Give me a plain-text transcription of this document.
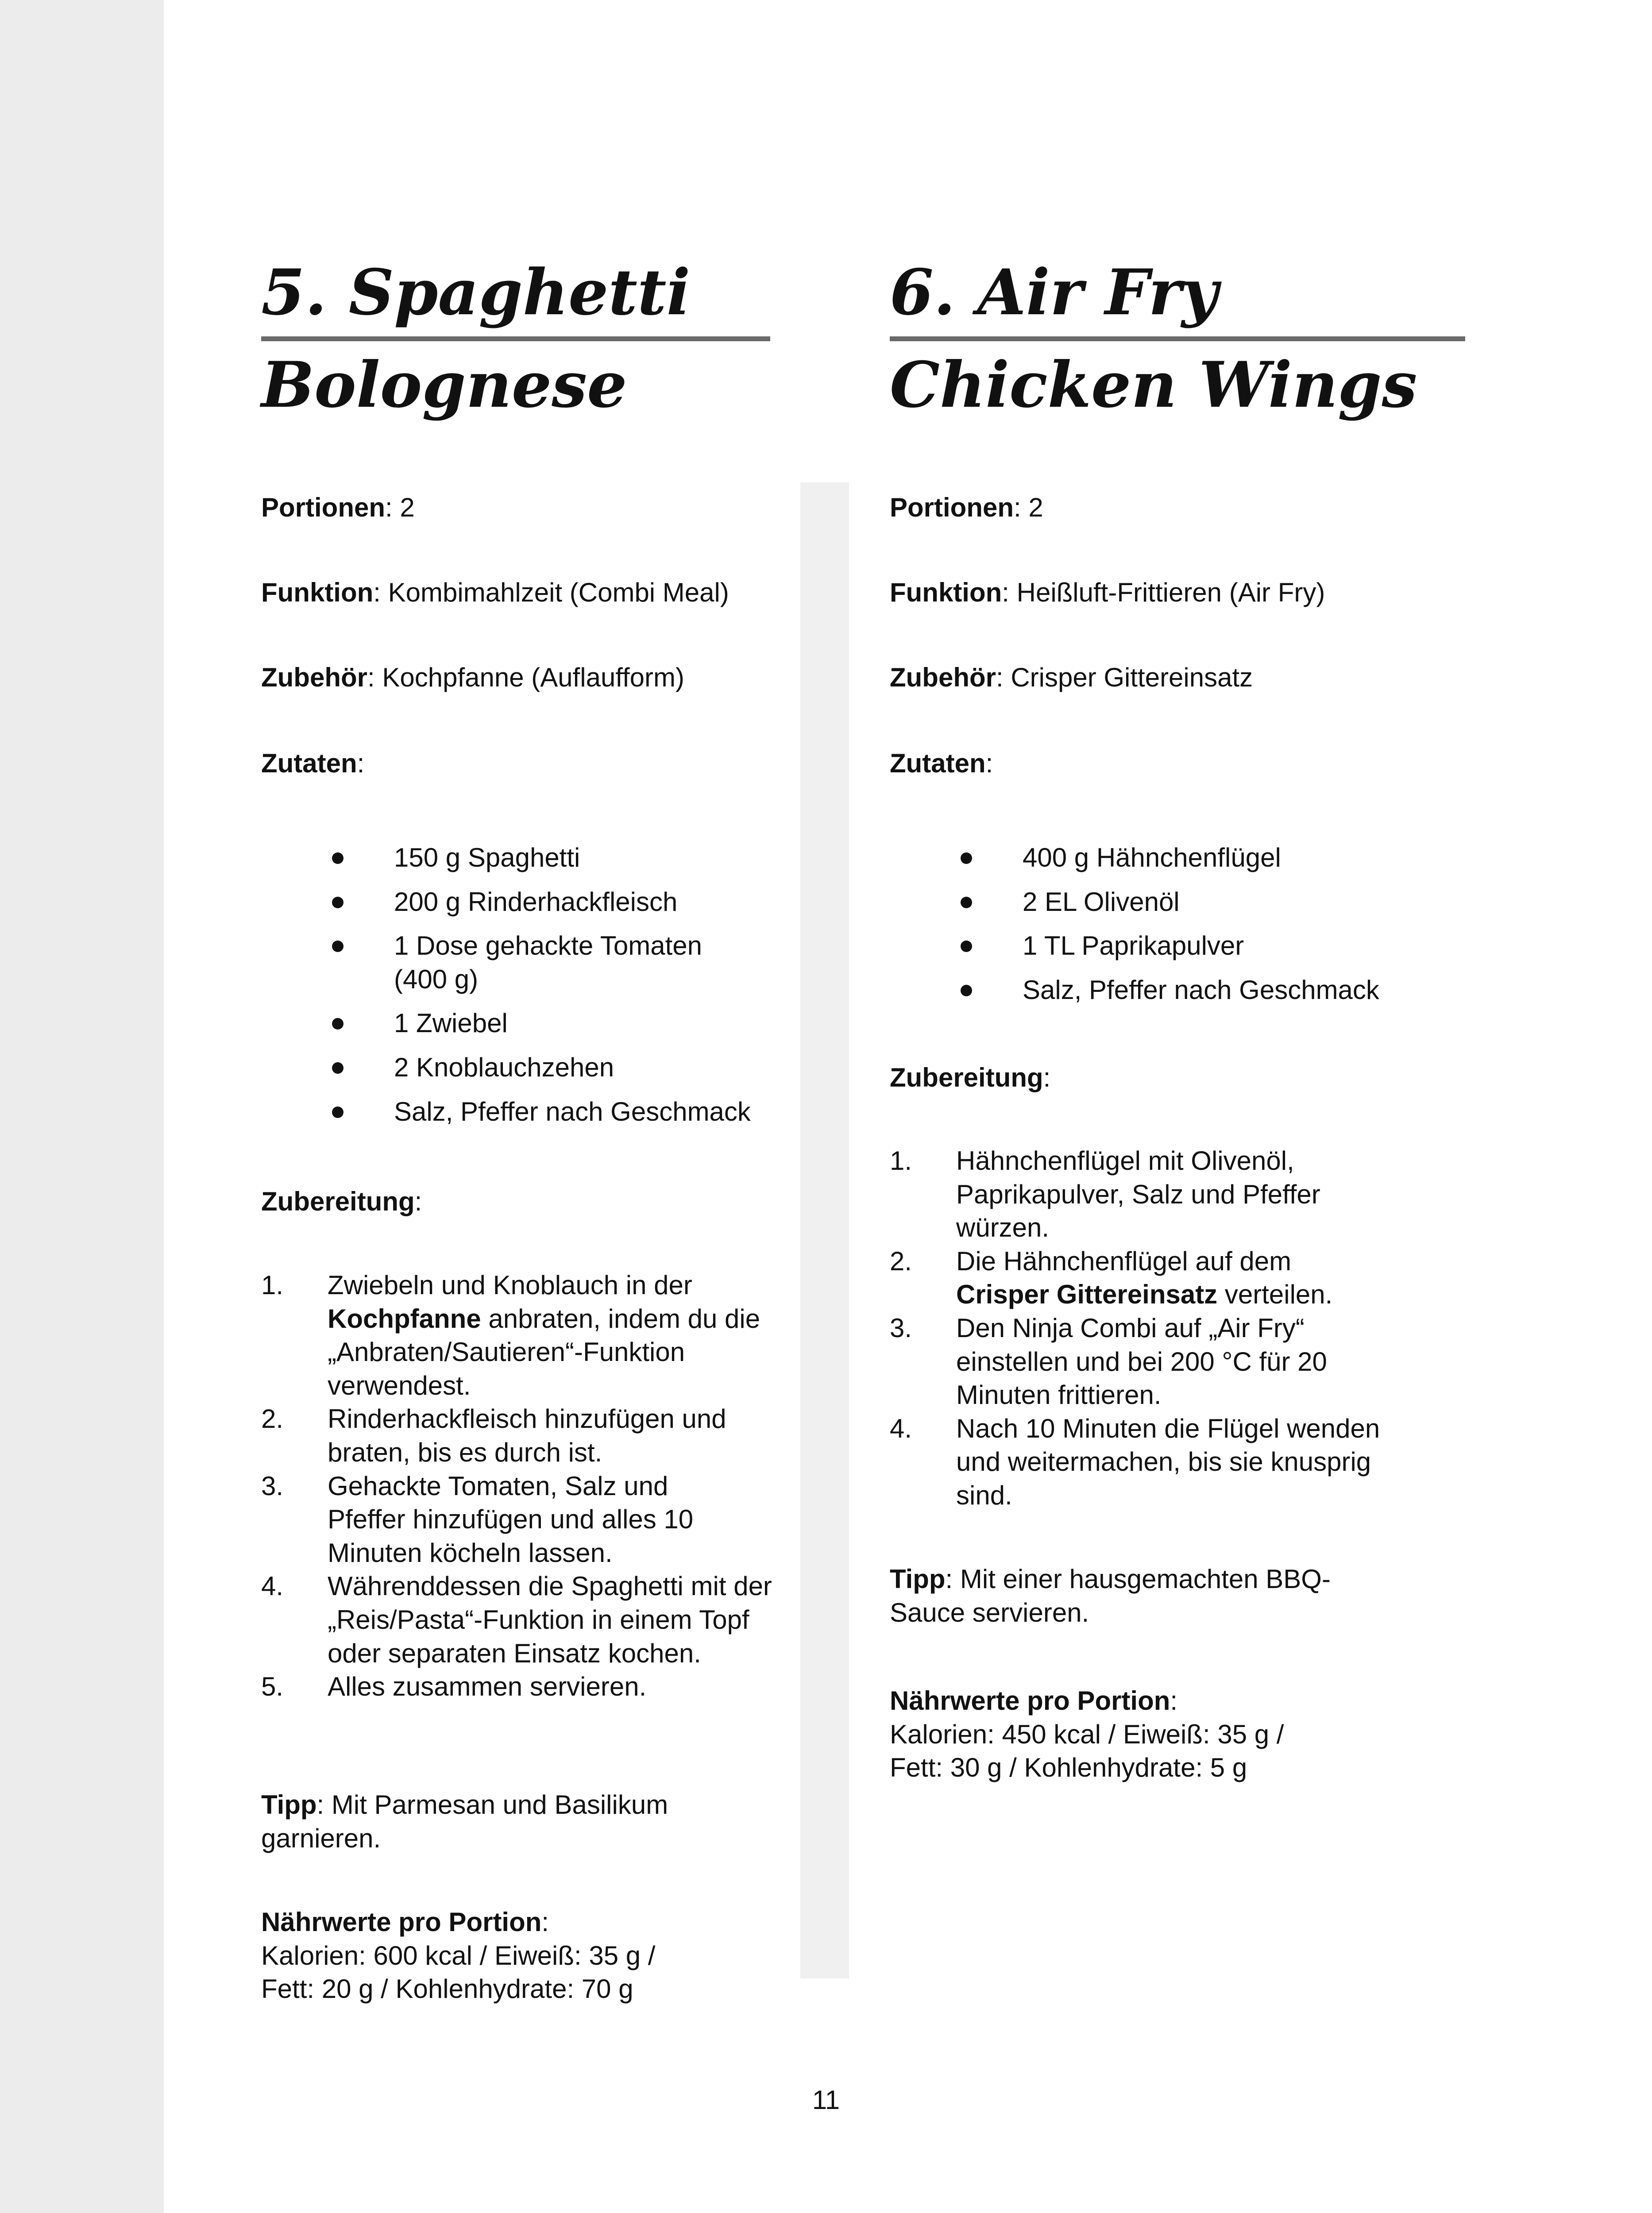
5. Spaghetti
Bolognese

Portionen: 2

Funktion: Kombimahlzeit (Combi Meal)

Zubehör: Kochpfanne (Auflaufform)

Zutaten:

150 g Spaghetti
200 g Rinderhackfleisch
1 Dose gehackte Tomaten (400 g)
1 Zwiebel
2 Knoblauchzehen
Salz, Pfeffer nach Geschmack

Zubereitung:

1. Zwiebeln und Knoblauch in der Kochpfanne anbraten, indem du die „Anbraten/Sautieren“-Funktion verwendest.
2. Rinderhackfleisch hinzufügen und braten, bis es durch ist.
3. Gehackte Tomaten, Salz und Pfeffer hinzufügen und alles 10 Minuten köcheln lassen.
4. Währenddessen die Spaghetti mit der „Reis/Pasta“-Funktion in einem Topf oder separaten Einsatz kochen.
5. Alles zusammen servieren.

Tipp: Mit Parmesan und Basilikum garnieren.

Nährwerte pro Portion:
Kalorien: 600 kcal / Eiweiß: 35 g /
Fett: 20 g / Kohlenhydrate: 70 g

6. Air Fry
Chicken Wings

Portionen: 2

Funktion: Heißluft-Frittieren (Air Fry)

Zubehör: Crisper Gittereinsatz

Zutaten:

400 g Hähnchenflügel
2 EL Olivenöl
1 TL Paprikapulver
Salz, Pfeffer nach Geschmack

Zubereitung:

1. Hähnchenflügel mit Olivenöl, Paprikapulver, Salz und Pfeffer würzen.
2. Die Hähnchenflügel auf dem Crisper Gittereinsatz verteilen.
3. Den Ninja Combi auf „Air Fry“ einstellen und bei 200 °C für 20 Minuten frittieren.
4. Nach 10 Minuten die Flügel wenden und weitermachen, bis sie knusprig sind.

Tipp: Mit einer hausgemachten BBQ-Sauce servieren.

Nährwerte pro Portion:
Kalorien: 450 kcal / Eiweiß: 35 g /
Fett: 30 g / Kohlenhydrate: 5 g

11
